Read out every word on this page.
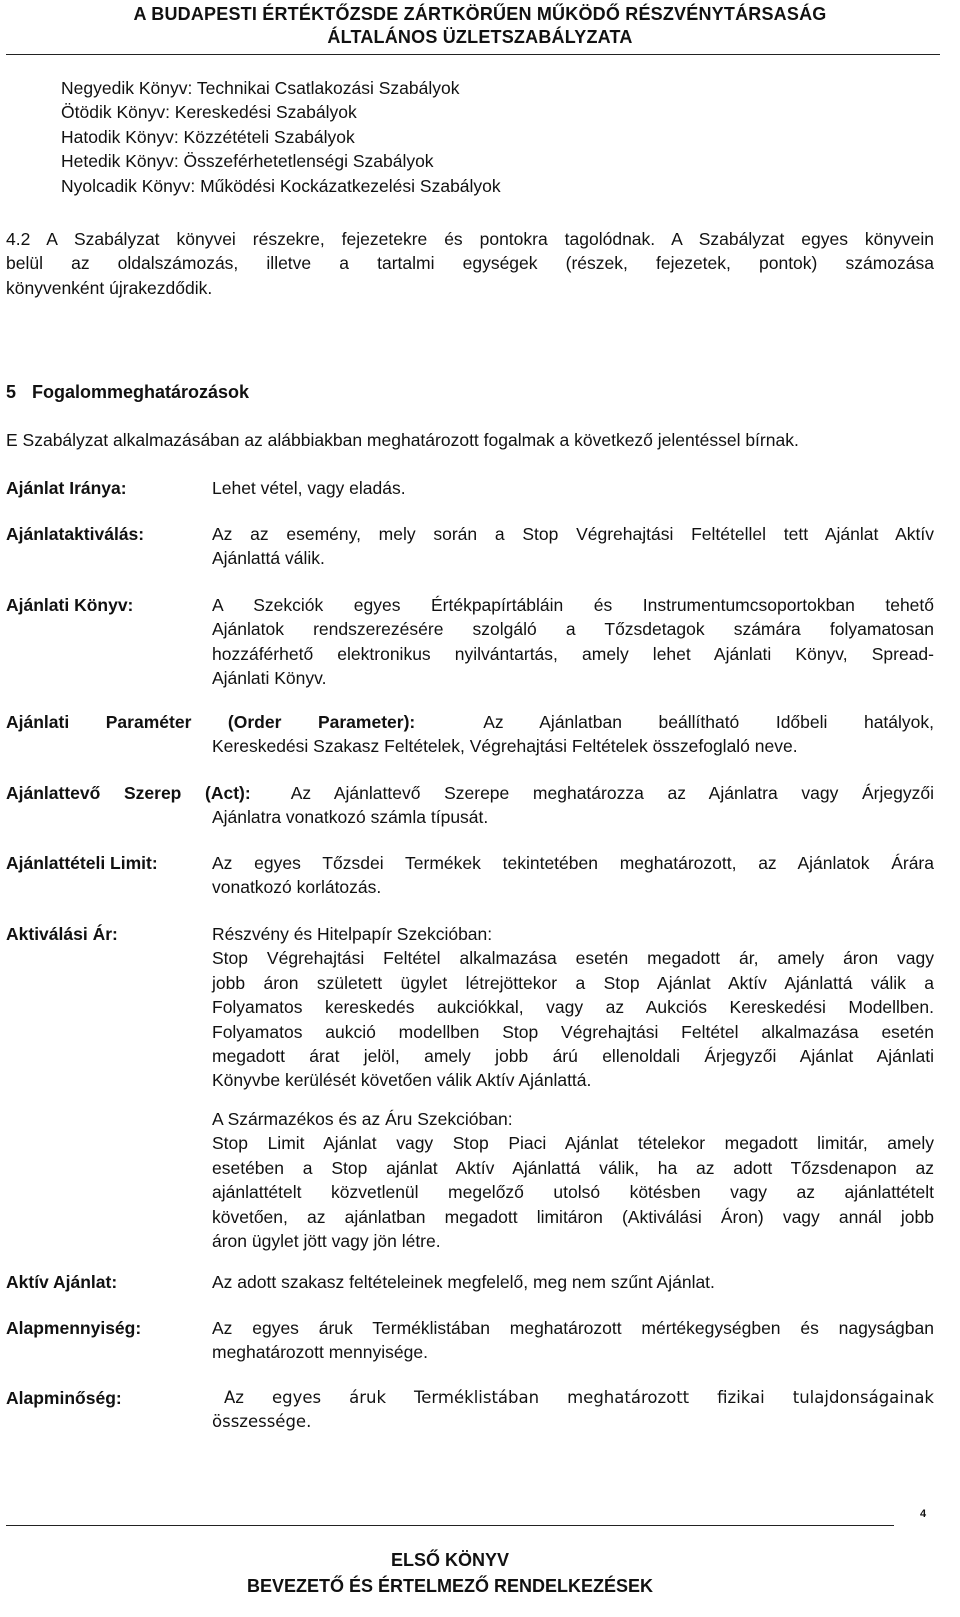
A BUDAPESTI ÉRTÉKTŐZSDE ZÁRTKÖRŰEN MŰKÖDŐ RÉSZVÉNYTÁRSASÁG
ÁLTALÁNOS ÜZLETSZABÁLYZATA
Negyedik Könyv: Technikai Csatlakozási Szabályok
Ötödik Könyv: Kereskedési Szabályok
Hatodik Könyv: Közzétételi Szabályok
Hetedik Könyv: Összeférhetetlenségi Szabályok
Nyolcadik Könyv: Működési Kockázatkezelési Szabályok
4.2 A Szabályzat könyvei részekre, fejezetekre és pontokra tagolódnak. A Szabályzat egyes könyvein
belül az oldalszámozás, illetve a tartalmi egységek (részek, fejezetek, pontok) számozása
könyvenként újrakezdődik.
5 Fogalommeghatározások
E Szabályzat alkalmazásában az alábbiakban meghatározott fogalmak a következő jelentéssel bírnak.
Ajánlat Iránya:	Lehet vétel, vagy eladás.
Ajánlataktiválás:	Az az esemény, mely során a Stop Végrehajtási Feltétellel tett Ajánlat Aktív
Ajánlattá válik.
Ajánlati Könyv:	A Szekciók egyes Értékpapírtábláin és Instrumentumcsoportokban tehető
Ajánlatok rendszerezésére szolgáló a Tőzsdetagok számára folyamatosan
hozzáférhető elektronikus nyilvántartás, amely lehet Ajánlati Könyv, Spread-
Ajánlati Könyv.
Ajánlati Paraméter (Order Parameter):	Az Ajánlatban beállítható Időbeli hatályok,
Kereskedési Szakasz Feltételek, Végrehajtási Feltételek összefoglaló neve.
Ajánlattevő Szerep (Act): Az Ajánlattevő Szerepe meghatározza az Ajánlatra vagy Árjegyzői
Ajánlatra vonatkozó számla típusát.
Ajánlattételi Limit:	Az egyes Tőzsdei Termékek tekintetében meghatározott, az Ajánlatok Árára
vonatkozó korlátozás.
Aktiválási Ár:	Részvény és Hitelpapír Szekcióban:
Stop Végrehajtási Feltétel alkalmazása esetén megadott ár, amely áron vagy
jobb áron született ügylet létrejöttekor a Stop Ajánlat Aktív Ajánlattá válik a
Folyamatos kereskedés aukciókkal, vagy az Aukciós Kereskedési Modellben.
Folyamatos aukció modellben Stop Végrehajtási Feltétel alkalmazása esetén
megadott árat jelöl, amely jobb árú ellenoldali Árjegyzői Ajánlat Ajánlati
Könyvbe kerülését követően válik Aktív Ajánlattá.
A Származékos és az Áru Szekcióban:
Stop Limit Ajánlat vagy Stop Piaci Ajánlat tételekor megadott limitár, amely
esetében a Stop ajánlat Aktív Ajánlattá válik, ha az adott Tőzsdenapon az
ajánlattételt közvetlenül megelőző utolsó kötésben vagy az ajánlattételt
követően, az ajánlatban megadott limitáron (Aktiválási Áron) vagy annál jobb
áron ügylet jött vagy jön létre.
Aktív Ajánlat:	Az adott szakasz feltételeinek megfelelő, meg nem szűnt Ajánlat.
Alapmennyiség:	Az egyes áruk Terméklistában meghatározott mértékegységben és nagyságban
meghatározott mennyisége.
Alapminőség:	Az egyes áruk Terméklistában meghatározott fizikai tulajdonságainak
összessége.
4
ELSŐ KÖNYV
BEVEZETŐ ÉS ÉRTELMEZŐ RENDELKEZÉSEK
